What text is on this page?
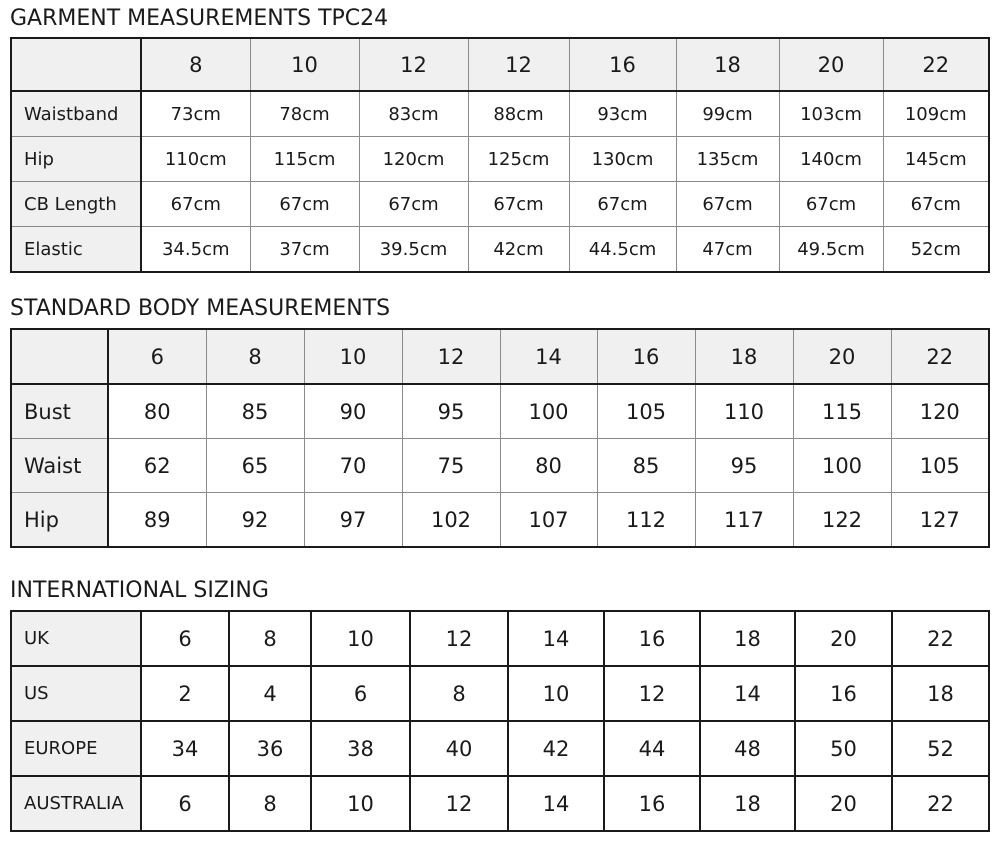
GARMENT MEASUREMENTS TPC24
	8	10	12	12	16	18	20	22
Waistband	73cm	78cm	83cm	88cm	93cm	99cm	103cm	109cm
Hip	110cm	115cm	120cm	125cm	130cm	135cm	140cm	145cm
CB Length	67cm	67cm	67cm	67cm	67cm	67cm	67cm	67cm
Elastic	34.5cm	37cm	39.5cm	42cm	44.5cm	47cm	49.5cm	52cm
STANDARD BODY MEASUREMENTS
	6	8	10	12	14	16	18	20	22
Bust	80	85	90	95	100	105	110	115	120
Waist	62	65	70	75	80	85	95	100	105
Hip	89	92	97	102	107	112	117	122	127
INTERNATIONAL SIZING
UK	6	8	10	12	14	16	18	20	22
US	2	4	6	8	10	12	14	16	18
EUROPE	34	36	38	40	42	44	48	50	52
AUSTRALIA	6	8	10	12	14	16	18	20	22
